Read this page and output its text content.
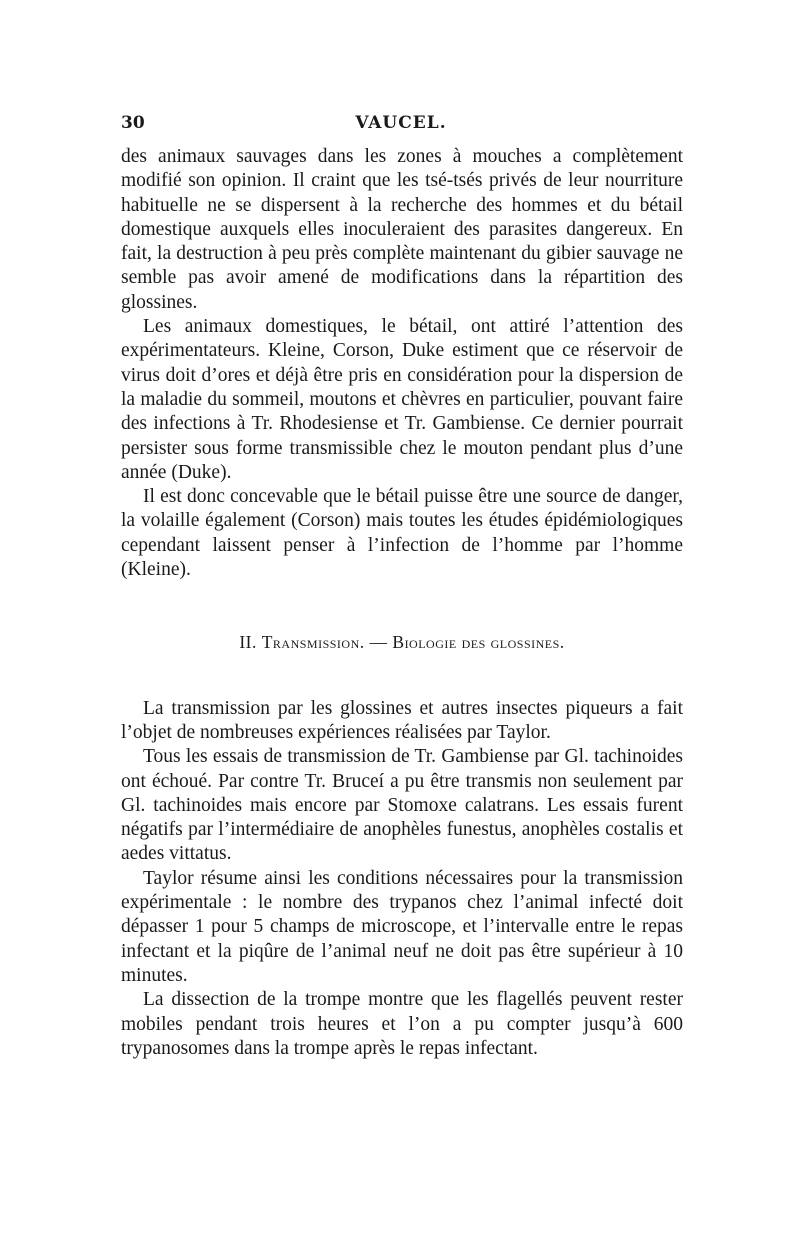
30	VAUCEL.

des animaux sauvages dans les zones à mouches a complètement modifié son opinion. Il craint que les tsé-tsés privés de leur nourriture habituelle ne se dispersent à la recherche des hommes et du bétail domestique auxquels elles inoculeraient des parasites dangereux. En fait, la destruction à peu près complète maintenant du gibier sauvage ne semble pas avoir amené de modifications dans la répartition des glossines.

Les animaux domestiques, le bétail, ont attiré l’attention des expérimentateurs. Kleine, Corson, Duke estiment que ce réservoir de virus doit d’ores et déjà être pris en considération pour la dispersion de la maladie du sommeil, moutons et chèvres en particulier, pouvant faire des infections à Tr. Rhodesiense et Tr. Gambiense. Ce dernier pourrait persister sous forme transmissible chez le mouton pendant plus d’une année (Duke).

Il est donc concevable que le bétail puisse être une source de danger, la volaille également (Corson) mais toutes les études épidémiologiques cependant laissent penser à l’infection de l’homme par l’homme (Kleine).

II. Transmission. — Biologie des glossines.

La transmission par les glossines et autres insectes piqueurs a fait l’objet de nombreuses expériences réalisées par Taylor.

Tous les essais de transmission de Tr. Gambiense par Gl. tachinoides ont échoué. Par contre Tr. Bruceí a pu être transmis non seulement par Gl. tachinoides mais encore par Stomoxe calatrans. Les essais furent négatifs par l’intermédiaire de anophèles funestus, anophèles costalis et aedes vittatus.

Taylor résume ainsi les conditions nécessaires pour la transmission expérimentale : le nombre des trypanos chez l’animal infecté doit dépasser 1 pour 5 champs de microscope, et l’intervalle entre le repas infectant et la piqûre de l’animal neuf ne doit pas être supérieur à 10 minutes.

La dissection de la trompe montre que les flagellés peuvent rester mobiles pendant trois heures et l’on a pu compter jusqu’à 600 trypanosomes dans la trompe après le repas infectant.
